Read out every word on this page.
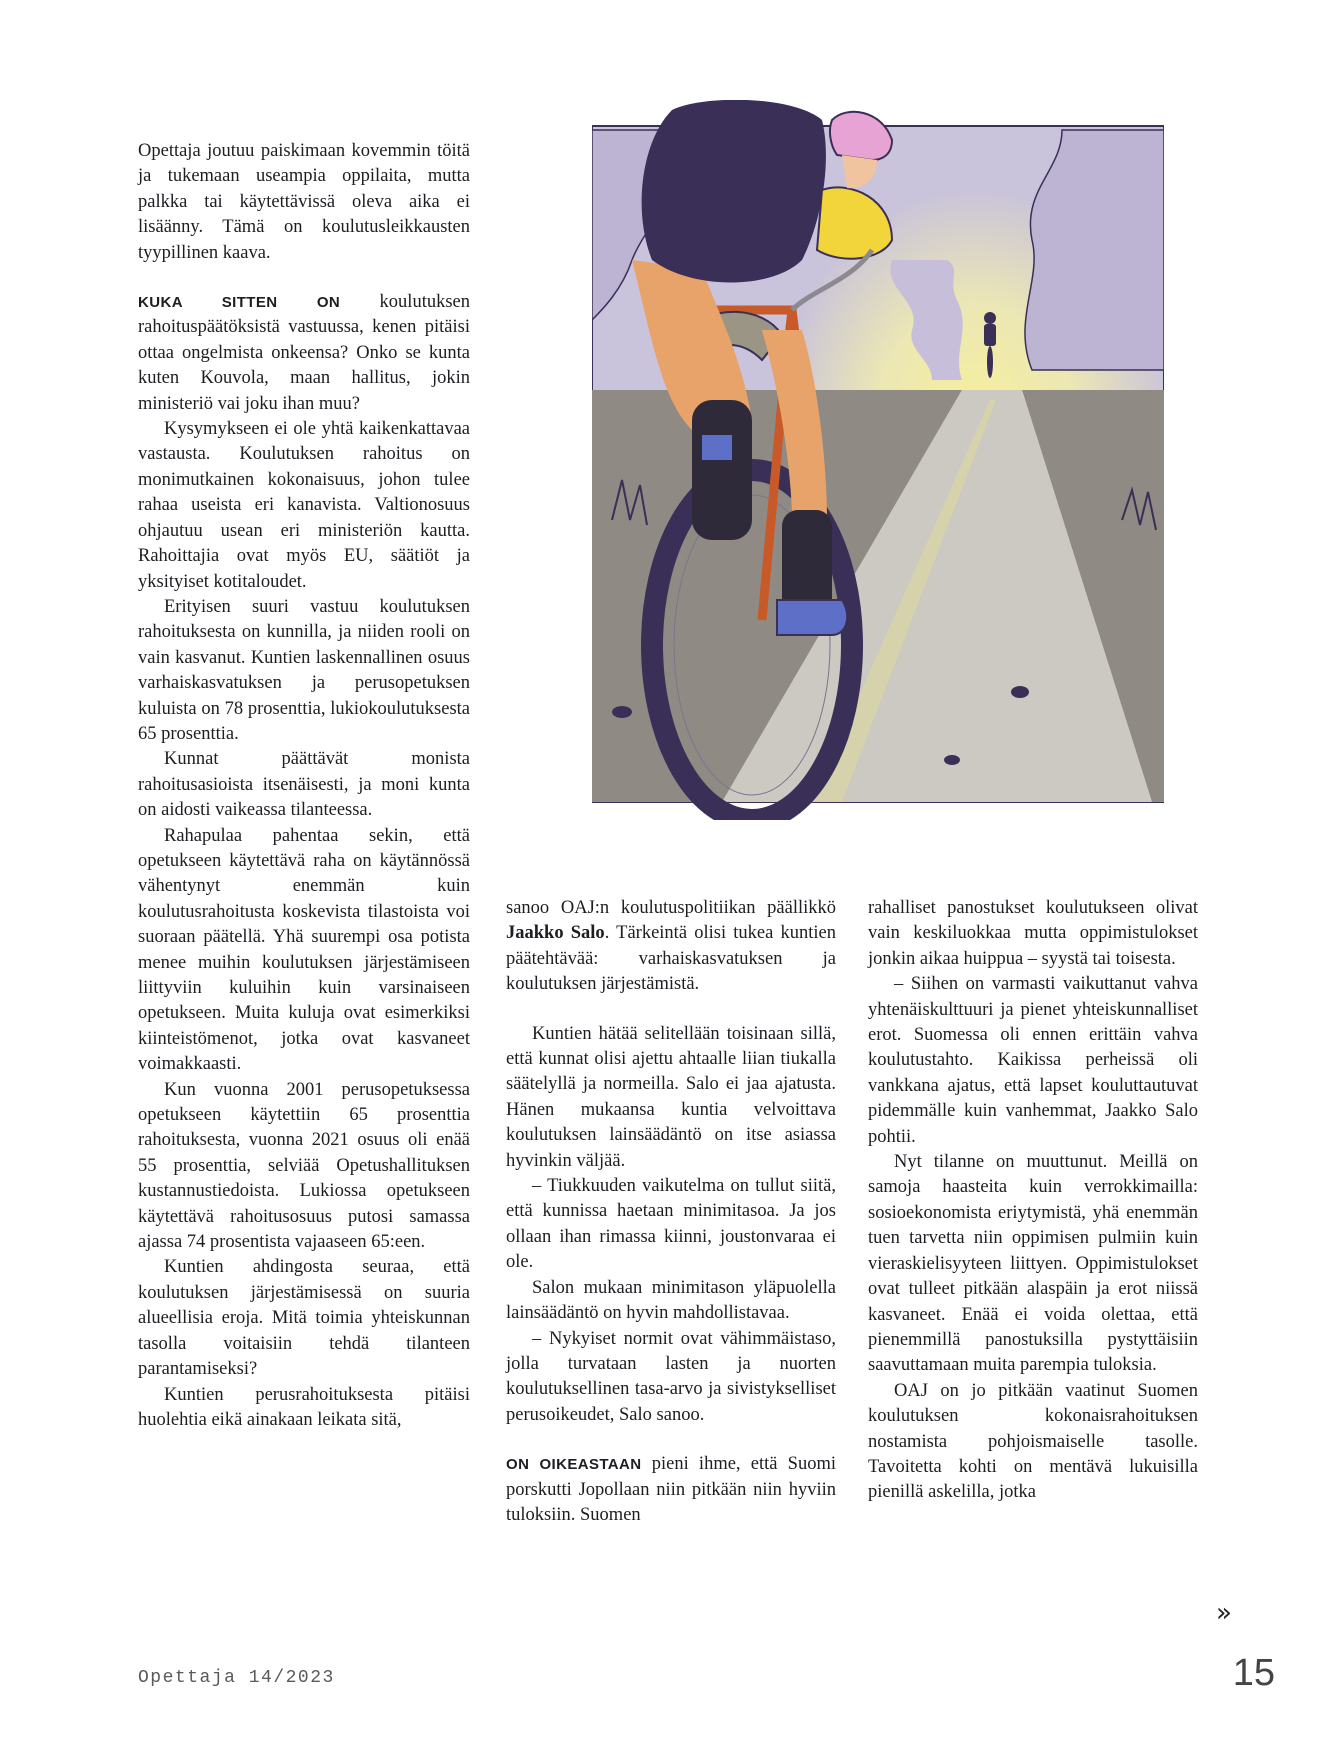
Opettaja joutuu paiskimaan kovemmin töitä ja tukemaan useampia oppilaita, mutta palkka tai käytettävissä oleva aika ei lisäänny. Tämä on koulutusleikkausten tyypillinen kaava.

KUKA SITTEN ON koulutuksen rahoituspäätöksistä vastuussa, kenen pitäisi ottaa ongelmista onkeensa? Onko se kunta kuten Kouvola, maan hallitus, jokin ministeriö vai joku ihan muu?

Kysymykseen ei ole yhtä kaikenkattavaa vastausta. Koulutuksen rahoitus on monimutkainen kokonaisuus, johon tulee rahaa useista eri kanavista. Valtionosuus ohjautuu usean eri ministeriön kautta. Rahoittajia ovat myös EU, säätiöt ja yksityiset kotitaloudet.

Erityisen suuri vastuu koulutuksen rahoituksesta on kunnilla, ja niiden rooli on vain kasvanut. Kuntien laskennallinen osuus varhaiskasvatuksen ja perusopetuksen kuluista on 78 prosenttia, lukiokoulutuksesta 65 prosenttia.

Kunnat päättävät monista rahoitusasioista itsenäisesti, ja moni kunta on aidosti vaikeassa tilanteessa.

Rahapulaa pahentaa sekin, että opetukseen käytettävä raha on käytännössä vähentynyt enemmän kuin koulutusrahoitusta koskevista tilastoista voi suoraan päätellä. Yhä suurempi osa potista menee muihin koulutuksen järjestämiseen liittyviin kuluihin kuin varsinaiseen opetukseen. Muita kuluja ovat esimerkiksi kiinteistömenot, jotka ovat kasvaneet voimakkaasti.

Kun vuonna 2001 perusopetuksessa opetukseen käytettiin 65 prosenttia rahoituksesta, vuonna 2021 osuus oli enää 55 prosenttia, selviää Opetushallituksen kustannustiedoista. Lukiossa opetukseen käytettävä rahoitusosuus putosi samassa ajassa 74 prosentista vajaaseen 65:een.

Kuntien ahdingosta seuraa, että koulutuksen järjestämisessä on suuria alueellisia eroja. Mitä toimia yhteiskunnan tasolla voitaisiin tehdä tilanteen parantamiseksi?

Kuntien perusrahoituksesta pitäisi huolehtia eikä ainakaan leikata sitä,

sanoo OAJ:n koulutuspolitiikan päällikkö Jaakko Salo. Tärkeintä olisi tukea kuntien päätehtävää: varhaiskasvatuksen ja koulutuksen järjestämistä.

Kuntien hätää selitellään toisinaan sillä, että kunnat olisi ajettu ahtaalle liian tiukalla säätelyllä ja normeilla. Salo ei jaa ajatusta. Hänen mukaansa kuntia velvoittava koulutuksen lainsäädäntö on itse asiassa hyvinkin väljää.

– Tiukkuuden vaikutelma on tullut siitä, että kunnissa haetaan minimitasoa. Ja jos ollaan ihan rimassa kiinni, joustonvaraa ei ole.

Salon mukaan minimitason yläpuolella lainsäädäntö on hyvin mahdollistavaa.

– Nykyiset normit ovat vähimmäistaso, jolla turvataan lasten ja nuorten koulutuksellinen tasa-arvo ja sivistykselliset perusoikeudet, Salo sanoo.

ON OIKEASTAAN pieni ihme, että Suomi porskutti Jopollaan niin pitkään niin hyviin tuloksiin. Suomen

rahalliset panostukset koulutukseen olivat vain keskiluokkaa mutta oppimistulokset jonkin aikaa huippua – syystä tai toisesta.

– Siihen on varmasti vaikuttanut vahva yhtenäiskulttuuri ja pienet yhteiskunnalliset erot. Suomessa oli ennen erittäin vahva koulutustahto. Kaikissa perheissä oli vankkana ajatus, että lapset kouluttautuvat pidemmälle kuin vanhemmat, Jaakko Salo pohtii.

Nyt tilanne on muuttunut. Meillä on samoja haasteita kuin verrokkimailla: sosioekonomista eriytymistä, yhä enemmän tuen tarvetta niin oppimisen pulmiin kuin vieraskielisyyteen liittyen. Oppimistulokset ovat tulleet pitkään alaspäin ja erot niissä kasvaneet. Enää ei voida olettaa, että pienemmillä panostuksilla pystyttäisiin saavuttamaan muita parempia tuloksia.

OAJ on jo pitkään vaatinut Suomen koulutuksen kokonaisrahoituksen nostamista pohjoismaiselle tasolle. Tavoitetta kohti on mentävä lukuisilla pienillä askelilla, jotka

»
Opettaja 14/2023	15
